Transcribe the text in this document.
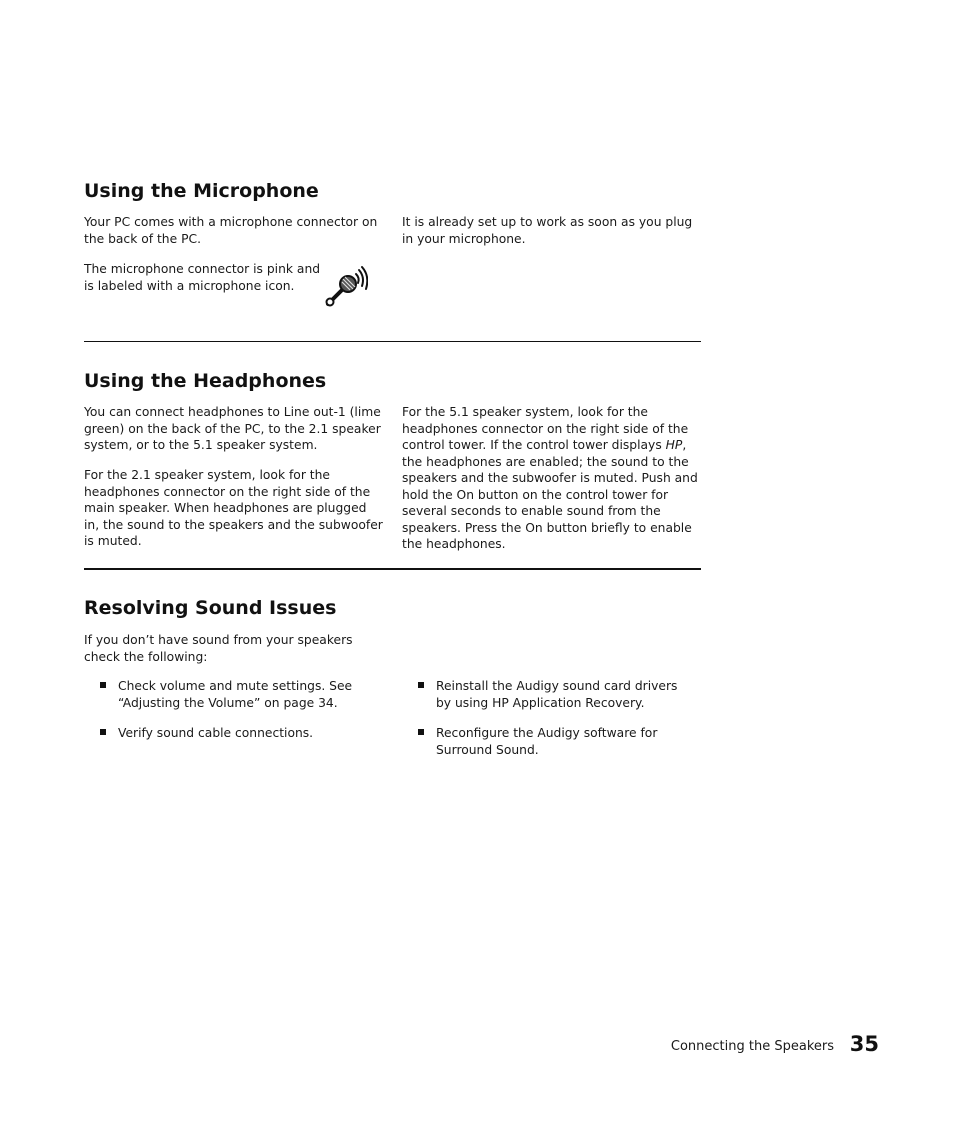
Using the Microphone

Your PC comes with a microphone connector on the back of the PC.

The microphone connector is pink and is labeled with a microphone icon.

It is already set up to work as soon as you plug in your microphone.

Using the Headphones

You can connect headphones to Line out-1 (lime green) on the back of the PC, to the 2.1 speaker system, or to the 5.1 speaker system.

For the 2.1 speaker system, look for the headphones connector on the right side of the main speaker. When headphones are plugged in, the sound to the speakers and the subwoofer is muted.

For the 5.1 speaker system, look for the headphones connector on the right side of the control tower. If the control tower displays HP, the headphones are enabled; the sound to the speakers and the subwoofer is muted. Push and hold the On button on the control tower for several seconds to enable sound from the speakers. Press the On button briefly to enable the headphones.

Resolving Sound Issues

If you don’t have sound from your speakers check the following:

Check volume and mute settings. See “Adjusting the Volume” on page 34.

Verify sound cable connections.

Reinstall the Audigy sound card drivers by using HP Application Recovery.

Reconfigure the Audigy software for Surround Sound.

Connecting the Speakers 35
